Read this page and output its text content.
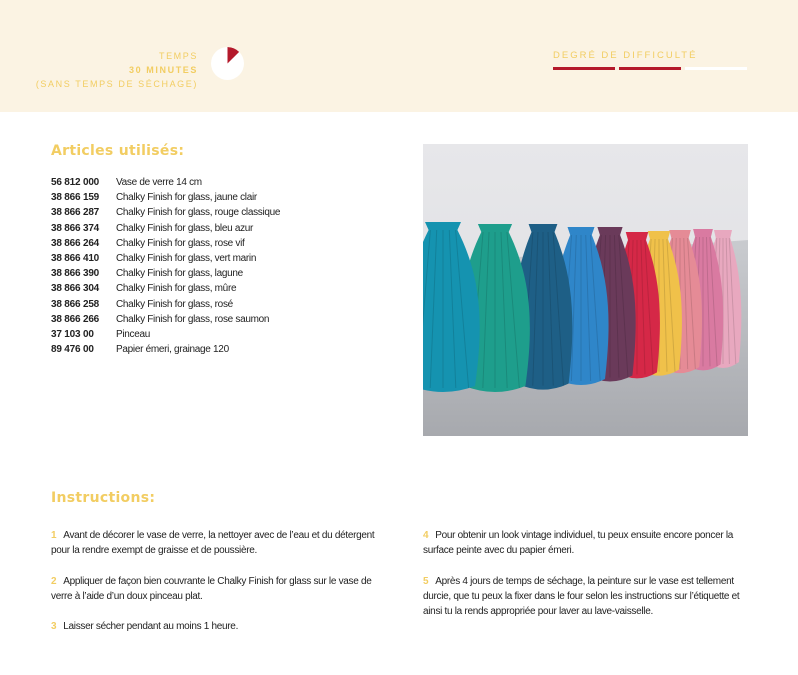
TEMPS
30 MINUTES
(SANS TEMPS DE SÉCHAGE)
DEGRÉ DE DIFFICULTÉ
Articles utilisés:
56 812 000	Vase de verre 14 cm
38 866 159	Chalky Finish for glass, jaune clair
38 866 287	Chalky Finish for glass, rouge classique
38 866 374	Chalky Finish for glass, bleu azur
38 866 264	Chalky Finish for glass, rose vif
38 866 410	Chalky Finish for glass, vert marin
38 866 390	Chalky Finish for glass, lagune
38 866 304	Chalky Finish for glass, mûre
38 866 258	Chalky Finish for glass, rosé
38 866 266	Chalky Finish for glass, rose saumon
37 103 00	Pinceau
89 476 00	Papier émeri, grainage 120
Instructions:
1 Avant de décorer le vase de verre, la nettoyer avec de l’eau et du détergent pour la rendre exempt de graisse et de poussière.
2 Appliquer de façon bien couvrante le Chalky Finish for glass sur le vase de verre à l’aide d’un doux pinceau plat.
3 Laisser sécher pendant au moins 1 heure.
4 Pour obtenir un look vintage individuel, tu peux ensuite encore poncer la surface peinte avec du papier émeri.
5 Après 4 jours de temps de séchage, la peinture sur le vase est tellement durcie, que tu peux la fixer dans le four selon les instructions sur l’étiquette et ainsi tu la rends appropriée pour laver au lave-vaisselle.
